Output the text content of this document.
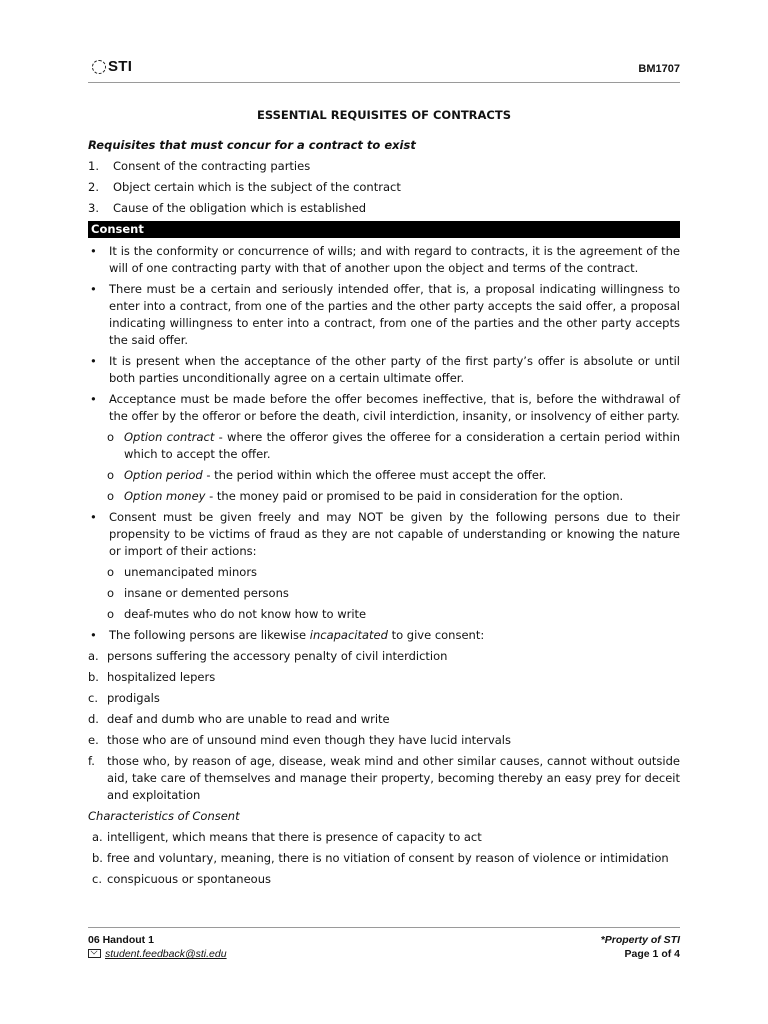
STI	BM1707
ESSENTIAL REQUISITES OF CONTRACTS
Requisites that must concur for a contract to exist
1.	Consent of the contracting parties
2.	Object certain which is the subject of the contract
3.	Cause of the obligation which is established
Consent
•	It is the conformity or concurrence of wills; and with regard to contracts, it is the agreement of the will of one contracting party with that of another upon the object and terms of the contract.
•	There must be a certain and seriously intended offer, that is, a proposal indicating willingness to enter into a contract, from one of the parties and the other party accepts the said offer, a proposal indicating willingness to enter into a contract, from one of the parties and the other party accepts the said offer.
•	It is present when the acceptance of the other party of the first party’s offer is absolute or until both parties unconditionally agree on a certain ultimate offer.
•	Acceptance must be made before the offer becomes ineffective, that is, before the withdrawal of the offer by the offeror or before the death, civil interdiction, insanity, or insolvency of either party.
o Option contract - where the offeror gives the offeree for a consideration a certain period within which to accept the offer.
o Option period - the period within which the offeree must accept the offer.
o Option money - the money paid or promised to be paid in consideration for the option.
•	Consent must be given freely and may NOT be given by the following persons due to their propensity to be victims of fraud as they are not capable of understanding or knowing the nature or import of their actions:
o unemancipated minors
o insane or demented persons
o deaf-mutes who do not know how to write
•	The following persons are likewise incapacitated to give consent:
a. persons suffering the accessory penalty of civil interdiction
b. hospitalized lepers
c. prodigals
d. deaf and dumb who are unable to read and write
e. those who are of unsound mind even though they have lucid intervals
f.	those who, by reason of age, disease, weak mind and other similar causes, cannot without outside aid, take care of themselves and manage their property, becoming thereby an easy prey for deceit and exploitation
Characteristics of Consent
a. intelligent, which means that there is presence of capacity to act
b. free and voluntary, meaning, there is no vitiation of consent by reason of violence or intimidation
c. conspicuous or spontaneous
06 Handout 1
student.feedback@sti.edu
*Property of STI
Page 1 of 4
